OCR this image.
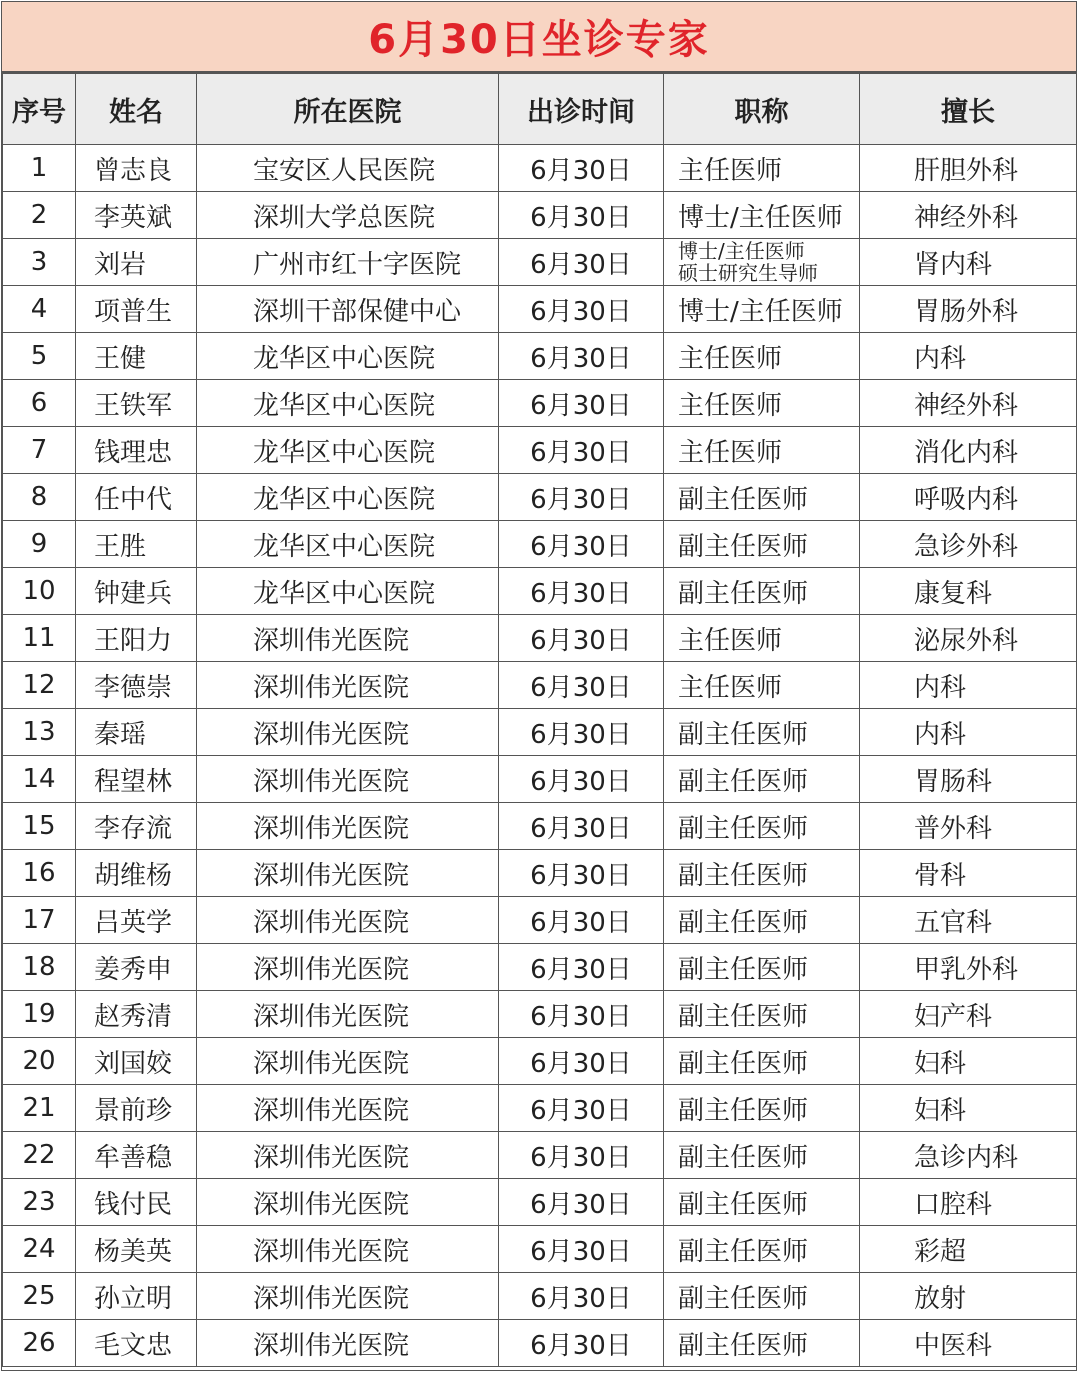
6月30日坐诊专家
序号	姓名	所在医院	出诊时间	职称	擅长
1	曾志良	宝安区人民医院	6月30日	主任医师	肝胆外科
2	李英斌	深圳大学总医院	6月30日	博士/主任医师	神经外科
3	刘岩	广州市红十字医院	6月30日	博士/主任医师
硕士研究生导师	肾内科
4	项普生	深圳干部保健中心	6月30日	博士/主任医师	胃肠外科
5	王健	龙华区中心医院	6月30日	主任医师	内科
6	王铁军	龙华区中心医院	6月30日	主任医师	神经外科
7	钱理忠	龙华区中心医院	6月30日	主任医师	消化内科
8	任中代	龙华区中心医院	6月30日	副主任医师	呼吸内科
9	王胜	龙华区中心医院	6月30日	副主任医师	急诊外科
10	钟建兵	龙华区中心医院	6月30日	副主任医师	康复科
11	王阳力	深圳伟光医院	6月30日	主任医师	泌尿外科
12	李德崇	深圳伟光医院	6月30日	主任医师	内科
13	秦瑶	深圳伟光医院	6月30日	副主任医师	内科
14	程望林	深圳伟光医院	6月30日	副主任医师	胃肠科
15	李存流	深圳伟光医院	6月30日	副主任医师	普外科
16	胡维杨	深圳伟光医院	6月30日	副主任医师	骨科
17	吕英学	深圳伟光医院	6月30日	副主任医师	五官科
18	姜秀申	深圳伟光医院	6月30日	副主任医师	甲乳外科
19	赵秀清	深圳伟光医院	6月30日	副主任医师	妇产科
20	刘国姣	深圳伟光医院	6月30日	副主任医师	妇科
21	景前珍	深圳伟光医院	6月30日	副主任医师	妇科
22	牟善稳	深圳伟光医院	6月30日	副主任医师	急诊内科
23	钱付民	深圳伟光医院	6月30日	副主任医师	口腔科
24	杨美英	深圳伟光医院	6月30日	副主任医师	彩超
25	孙立明	深圳伟光医院	6月30日	副主任医师	放射
26	毛文忠	深圳伟光医院	6月30日	副主任医师	中医科
